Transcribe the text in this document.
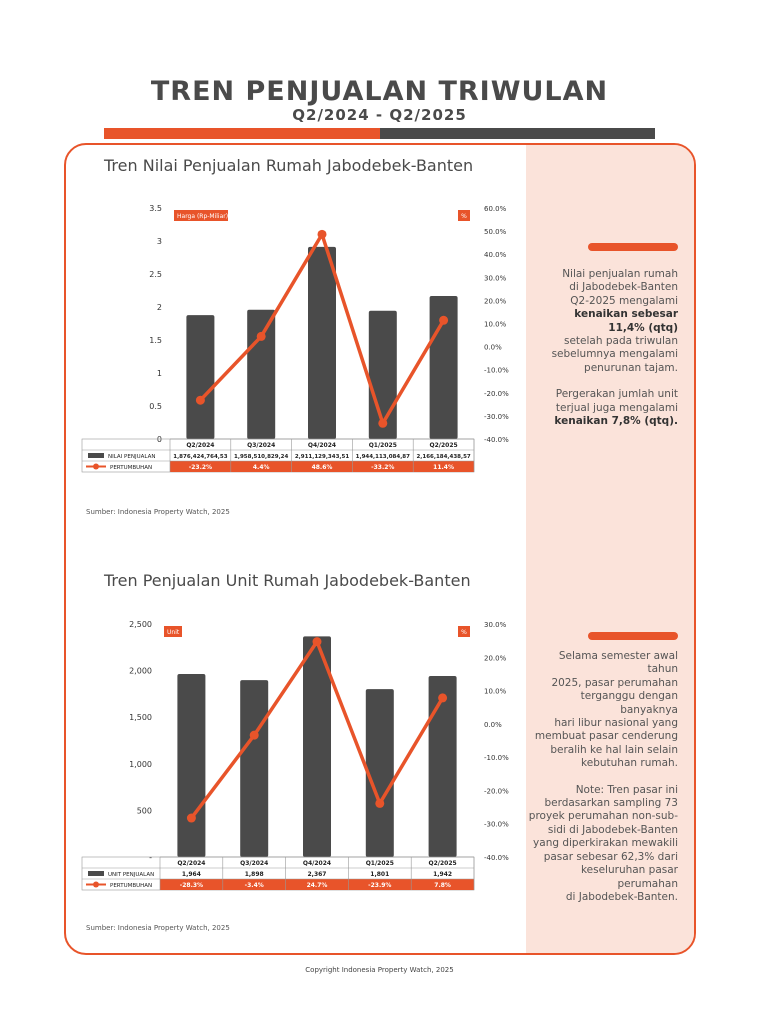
TREN PENJUALAN TRIWULAN
Q2/2024 - Q2/2025
Tren Nilai Penjualan Rumah Jabodebek-Banten
0
0.5
1
1.5
2
2.5
3
3.5
-40.0%
-30.0%
-20.0%
-10.0%
0.0%
10.0%
20.0%
30.0%
40.0%
50.0%
60.0%
Harga (Rp-Miliar)	%
Q2/2024
1,876,424,764,53
-23.2%
Q3/2024
1,958,510,829,24
4.4%
Q4/2024
2,911,129,343,51
48.6%
Q1/2025
1,944,113,084,87
-33.2%
Q2/2025
2,166,184,438,57
11.4%
NILAI PENJUALAN
PERTUMBUHAN
Sumber: Indonesia Property Watch, 2025
Tren Penjualan Unit Rumah Jabodebek-Banten
-
500
1,000
1,500
2,000
2,500
-40.0%
-30.0%
-20.0%
-10.0%
0.0%
10.0%
20.0%
30.0%
Unit	%
Q2/2024
1,964
-28.3%
Q3/2024
1,898
-3.4%
Q4/2024
2,367
24.7%
Q1/2025
1,801
-23.9%
Q2/2025
1,942
7.8%
UNIT PENJUALAN
PERTUMBUHAN
Sumber: Indonesia Property Watch, 2025
Nilai penjualan rumah
di Jabodebek-Banten
Q2-2025 mengalami
kenaikan sebesar
11,4% (qtq)
setelah pada triwulan
sebelumnya mengalami
penurunan tajam.
Pergerakan jumlah unit
terjual juga mengalami
kenaikan 7,8% (qtq).
Selama semester awal tahun
2025, pasar perumahan
terganggu dengan banyaknya
hari libur nasional yang
membuat pasar cenderung
beralih ke hal lain selain
kebutuhan rumah.
Note: Tren pasar ini
berdasarkan sampling 73
proyek perumahan non-sub-
sidi di Jabodebek-Banten
yang diperkirakan mewakili
pasar sebesar 62,3% dari
keseluruhan pasar
perumahan
di Jabodebek-Banten.
Copyright Indonesia Property Watch, 2025
